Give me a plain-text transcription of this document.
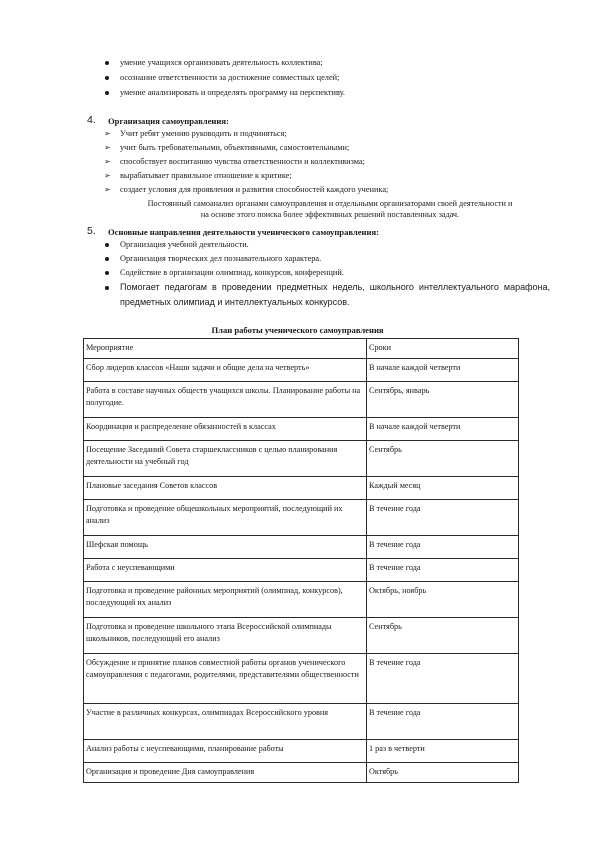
умение учащихся организовать деятельность коллектива;
осознание ответственности за достижение совместных целей;
умение анализировать и определять программу на перспективу.
4. Организация самоуправления:
➢ Учит ребят умению руководить и подчиняться;
➢ учит быть требовательными, объективными, самостоятельными;
➢ способствует воспитанию чувства ответственности и коллективизма;
➢ вырабатывает правильное отношение к критике;
➢ создает условия для проявления и развития способностей каждого ученика;
Постоянный самоанализ органами самоуправления и отдельными организаторами своей деятельности и
на основе этого поиска более эффективных решений поставленных задач.
5. Основные направления деятельности ученического самоуправления:
Организация учебной деятельности.
Организация творческих дел познавательного характера.
Содействие в организации олимпиад, конкурсов, конференций.
Помогает педагогам в проведении предметных недель, школьного интеллектуального марафона, предметных олимпиад и интеллектуальных конкурсов.
План работы ученического самоуправления
Мероприятие	Сроки
Сбор лидеров классов «Наши задачи и общие дела на четверть»	В начале каждой четверти
Работа в составе научных обществ учащихся школы. Планирование работы на полугодие.	Сентябрь, январь
Координация и распределение обязанностей в классах	В начале каждой четверти
Посещение Заседаний Совета старшеклассников с целью планирования деятельности на учебный год	Сентябрь
Плановые заседания Советов классов	Каждый месяц
Подготовка и проведение общешкольных мероприятий, последующий их анализ	В течение года
Шефская помощь	В течение года
Работа с неуспевающими	В течение года
Подготовка и проведение районных мероприятий (олимпиад, конкурсов), последующий их анализ	Октябрь, ноябрь
Подготовка и проведение школьного этапа Всероссийской олимпиады школьников, последующий его анализ	Сентябрь
Обсуждение и принятие планов совместной работы органов ученического самоуправления с педагогами, родителями, представителями общественности	В течение года
Участие в различных конкурсах, олимпиадах Всероссийского уровня	В течение года
Анализ работы с неуспевающими, планирование работы	1 раз в четверти
Организация и проведение Дня самоуправления	Октябрь
